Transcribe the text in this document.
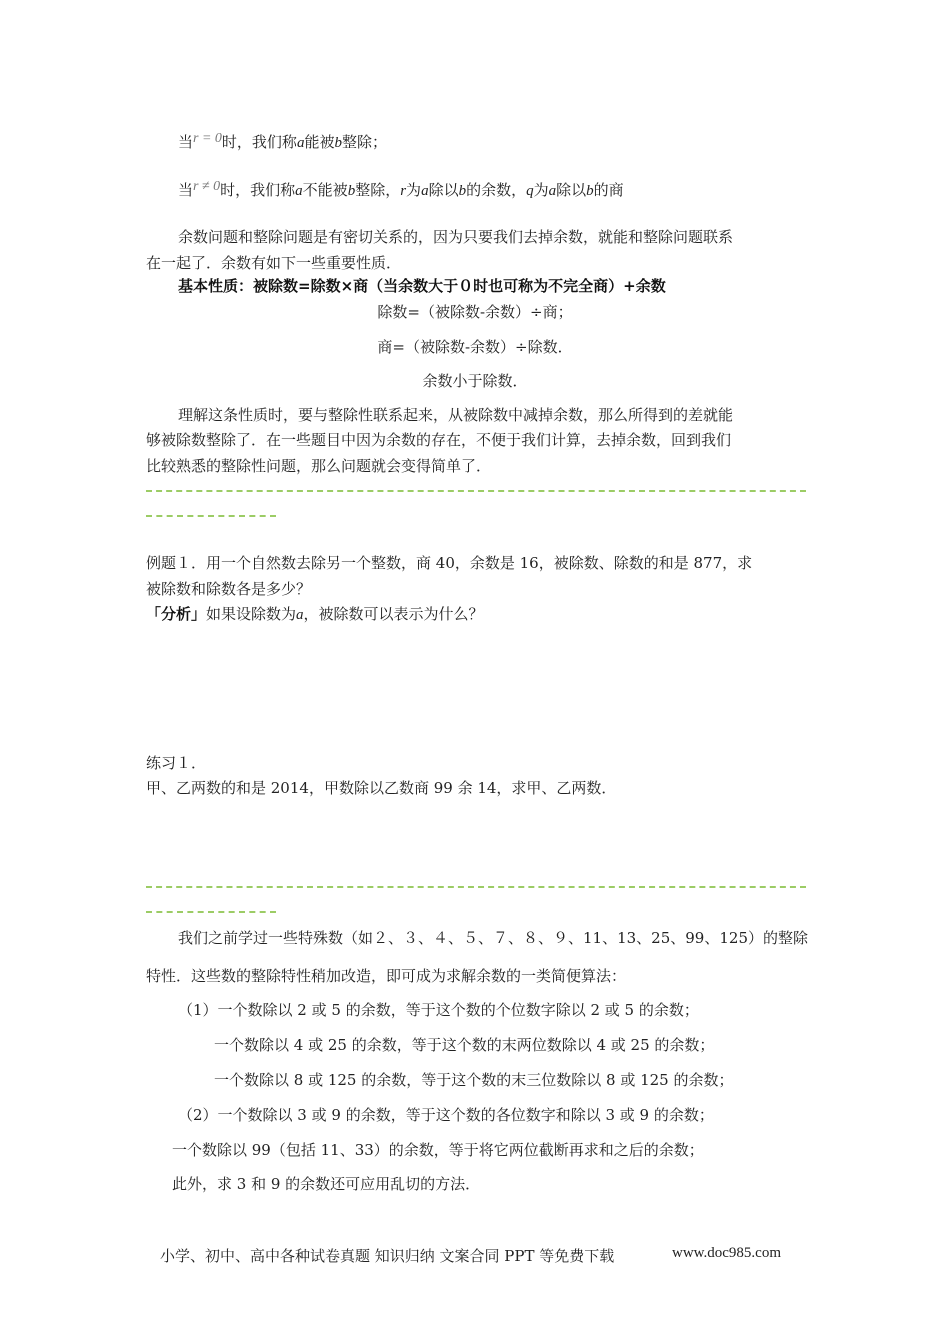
当r = 0时，我们称a能被b整除；
当r ≠ 0时，我们称a不能被b整除，r为a除以b的余数，q为a除以b的商
余数问题和整除问题是有密切关系的，因为只要我们去掉余数，就能和整除问题联系
在一起了．余数有如下一些重要性质．
基本性质：被除数=除数×商（当余数大于０时也可称为不完全商）+余数
除数=（被除数-余数）÷商；
商=（被除数-余数）÷除数．
余数小于除数．
理解这条性质时，要与整除性联系起来，从被除数中减掉余数，那么所得到的差就能
够被除数整除了．在一些题目中因为余数的存在，不便于我们计算，去掉余数，回到我们
比较熟悉的整除性问题，那么问题就会变得简单了．
例题１．用一个自然数去除另一个整数，商 40，余数是 16，被除数、除数的和是 877，求
被除数和除数各是多少？
「分析」如果设除数为a，被除数可以表示为什么？
练习１．
甲、乙两数的和是 2014，甲数除以乙数商 99 余 14，求甲、乙两数．
我们之前学过一些特殊数（如２、３、４、５、７、８、９、11、13、25、99、125）的整除
特性．这些数的整除特性稍加改造，即可成为求解余数的一类简便算法：
（1）一个数除以 2 或 5 的余数，等于这个数的个位数字除以 2 或 5 的余数；
一个数除以 4 或 25 的余数，等于这个数的末两位数除以 4 或 25 的余数；
一个数除以 8 或 125 的余数，等于这个数的末三位数除以 8 或 125 的余数；
（2）一个数除以 3 或 9 的余数，等于这个数的各位数字和除以 3 或 9 的余数；
一个数除以 99（包括 11、33）的余数，等于将它两位截断再求和之后的余数；
此外，求 3 和 9 的余数还可应用乱切的方法．
小学、初中、高中各种试卷真题 知识归纳 文案合同 PPT 等免费下载	www.doc985.com
